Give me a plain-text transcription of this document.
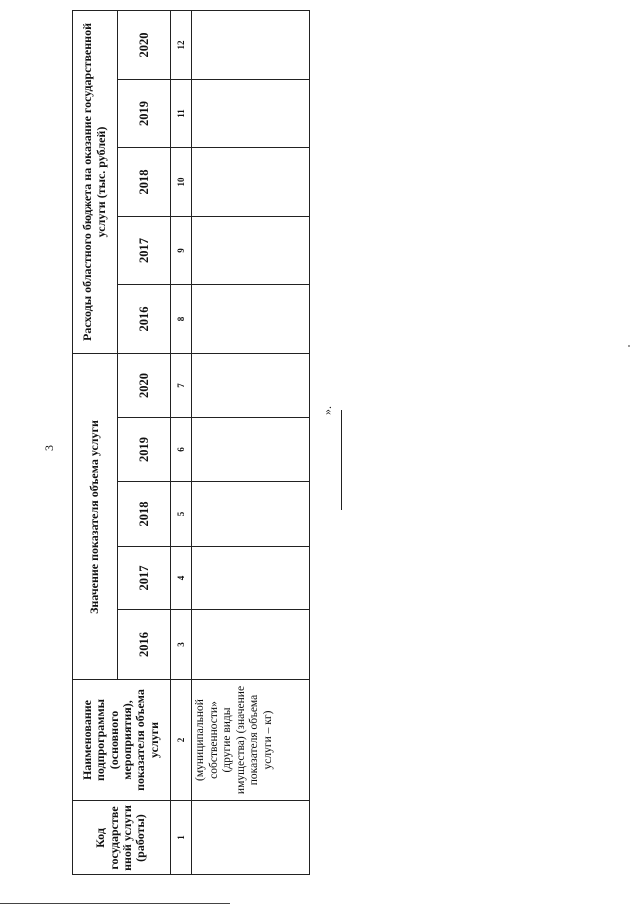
3
Код государстве нной услуги (работы)
Наименование подпрограммы (основного мероприятия), показателя объема услуги
Значение показателя объема услуги
Расходы областного бюджета на оказание государственной услуги (тыс. рублей)
2016
2017
2018
2019
2020
2016
2017
2018
2019
2020
1
2
3
4
5
6
7
8
9
10
11
12
(муниципальной собственности» (другие виды имущества) (значение показателя объема услуги – кг)
».
